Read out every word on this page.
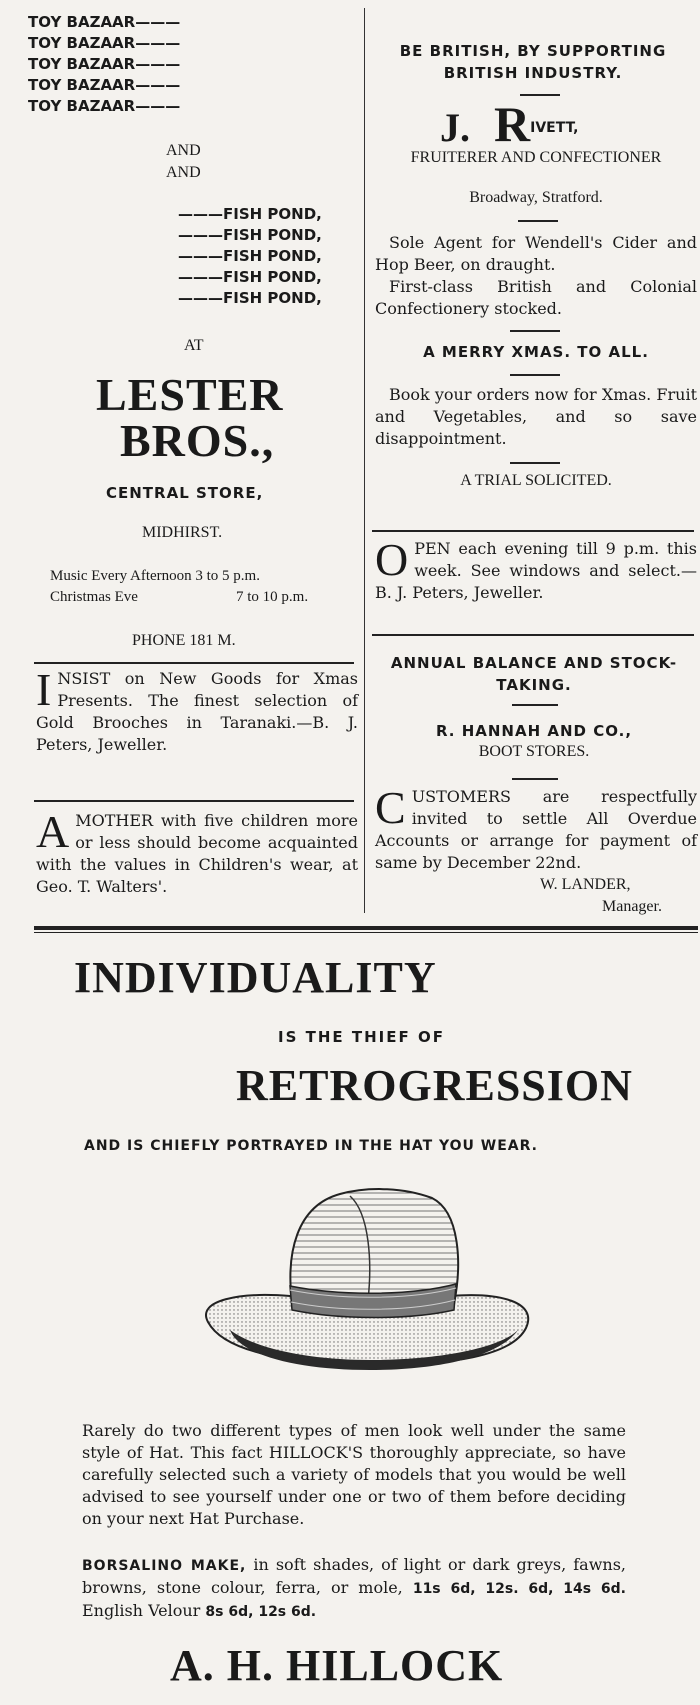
TOY BAZAAR———
TOY BAZAAR———
TOY BAZAAR———
TOY BAZAAR———
TOY BAZAAR———
AND
AND
———FISH POND,
———FISH POND,
———FISH POND,
———FISH POND,
———FISH POND,
AT
LESTER
BROS.,
CENTRAL STORE,
MIDHIRST.
Music Every Afternoon 3 to 5 p.m.
Christmas Eve	7 to 10 p.m.
PHONE 181 M.
I NSIST on New Goods for Xmas Presents. The finest selection of Gold Brooches in Taranaki.—B. J. Peters, Jeweller.
A MOTHER with five children more or less should become acquainted with the values in Children's wear, at Geo. T. Walters'.
BE BRITISH, BY SUPPORTING
BRITISH INDUSTRY.
J. $R^{IVETT,}$
FRUITERER AND CONFECTIONER
Broadway, Stratford.
Sole Agent for Wendell's Cider and Hop Beer, on draught.
First-class British and Colonial Confectionery stocked.
A MERRY XMAS. TO ALL.
Book your orders now for Xmas. Fruit and Vegetables, and so save disappointment.
A TRIAL SOLICITED.
O PEN each evening till 9 p.m. this week. See windows and select.—B. J. Peters, Jeweller.
ANNUAL BALANCE AND STOCK-
TAKING.
R. HANNAH AND CO.,
BOOT STORES.
C USTOMERS are respectfully invited to settle All Overdue Accounts or arrange for payment of same by December 22nd.
W. LANDER,
Manager.
INDIVIDUALITY
IS THE THIEF OF
RETROGRESSION
AND IS CHIEFLY PORTRAYED IN THE HAT YOU WEAR.
Rarely do two different types of men look well under the same style of Hat. This fact HILLOCK'S thoroughly appreciate, so have carefully selected such a variety of models that you would be well advised to see yourself under one or two of them before deciding on your next Hat Purchase.
BORSALINO MAKE, in soft shades, of light or dark greys, fawns, browns, stone colour, ferra, or mole, 11s 6d, 12s. 6d, 14s 6d. English Velour 8s 6d, 12s 6d.
A. H. HILLOCK
